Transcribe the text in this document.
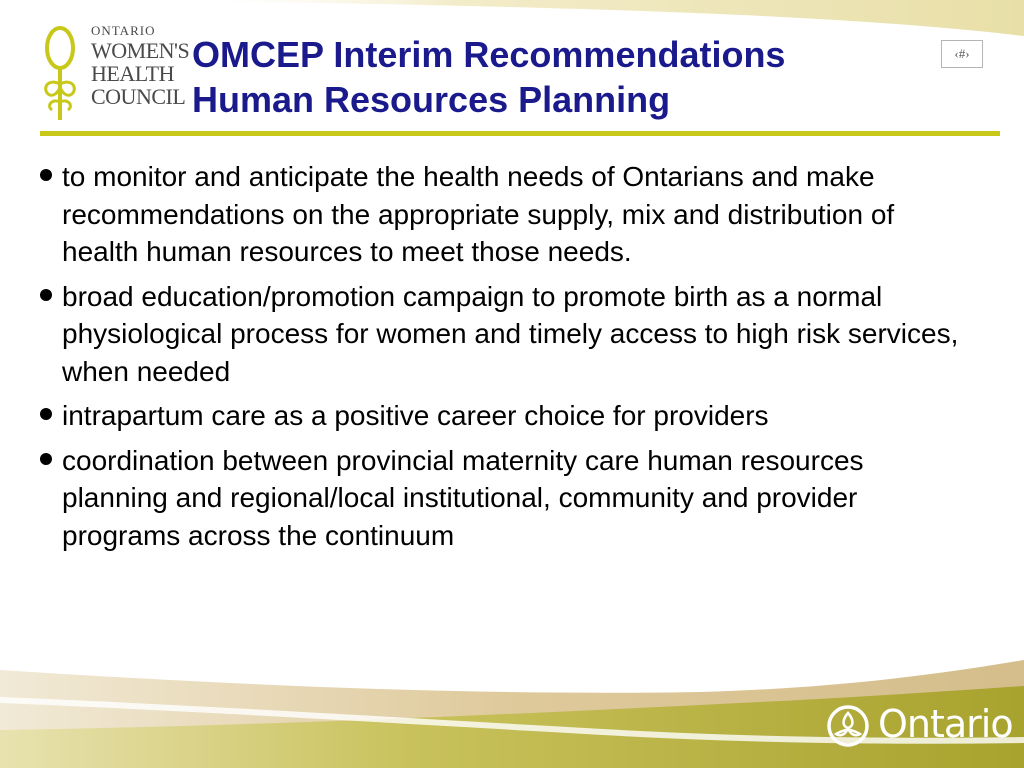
ONTARIO
WOMEN'S
HEALTH
COUNCIL
OMCEP Interim Recommendations
Human Resources Planning
‹#›
to monitor and anticipate the health needs of Ontarians and make recommendations on the appropriate supply, mix and distribution of health human resources to meet those needs.
broad education/promotion campaign to promote birth as a normal physiological process for women and timely access to high risk services, when needed
intrapartum care as a positive career choice for providers
coordination between provincial maternity care human resources planning and regional/local institutional, community and provider programs across the continuum
Ontario
